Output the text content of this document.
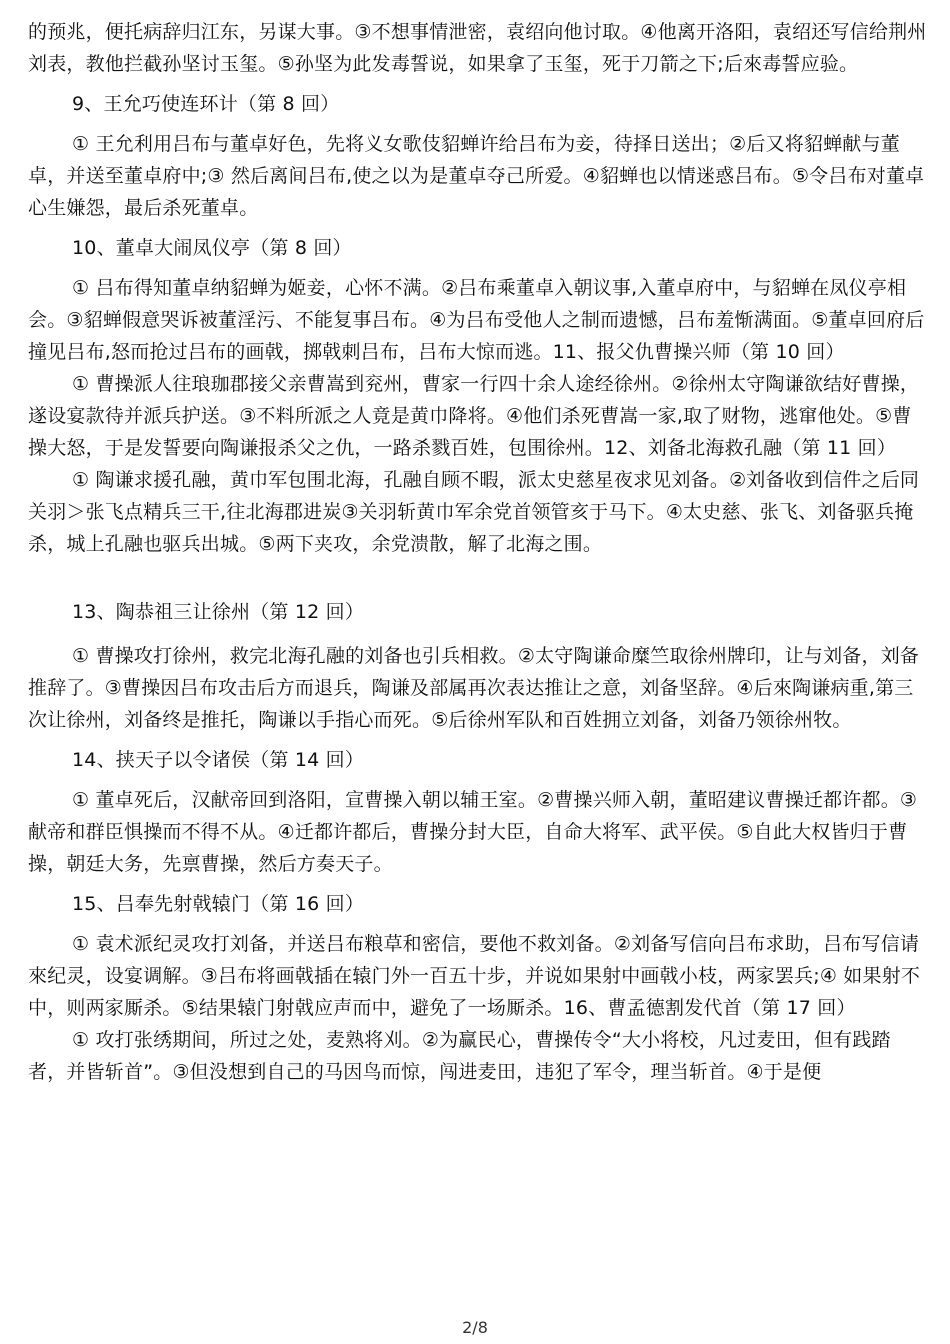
的预兆，便托病辞归江东，另谋大事。③不想事情泄密，袁绍向他讨取。④他离开洛阳，袁绍还写信给荆州刘表，教他拦截孙坚讨玉玺。⑤孙坚为此发毒誓说，如果拿了玉玺，死于刀箭之下;后來毒誓应验。

9、王允巧使连环计（第 8 回）

① 王允利用吕布与董卓好色，先将义女歌伎貂蝉许给吕布为妾，待择日送出；②后又将貂蝉献与董卓，并送至董卓府中;③ 然后离间吕布,使之以为是董卓夺己所爱。④貂蝉也以情迷惑吕布。⑤令吕布对董卓心生嫌怨，最后杀死董卓。

10、董卓大闹凤仪亭（第 8 回）

① 吕布得知董卓纳貂蝉为姬妾，心怀不满。②吕布乘董卓入朝议事,入董卓府中，与貂蝉在凤仪亭相会。③貂蝉假意哭诉被董淫污、不能复事吕布。④为吕布受他人之制而遗憾，吕布羞惭满面。⑤董卓回府后撞见吕布,怒而抢过吕布的画戟，掷戟刺吕布，吕布大惊而逃。11、报父仇曹操兴师（第 10 回）

① 曹操派人往琅珈郡接父亲曹嵩到兖州，曹家一行四十余人途经徐州。②徐州太守陶谦欲结好曹操，遂设宴款待并派兵护送。③不料所派之人竟是黄巾降将。④他们杀死曹嵩一家,取了财物，逃窜他处。⑤曹操大怒，于是发誓要向陶谦报杀父之仇，一路杀戮百姓，包围徐州。12、刘备北海救孔融（第 11 回）

① 陶谦求援孔融，黄巾军包围北海，孔融自顾不暇，派太史慈星夜求见刘备。②刘备收到信件之后同关羽＞张飞点精兵三干,往北海郡进炭③关羽斩黄巾军余党首领管亥于马下。④太史慈、张飞、刘备驱兵掩杀，城上孔融也驱兵出城。⑤两下夹攻，余党溃散，解了北海之围。

13、陶恭祖三让徐州（第 12 回）

① 曹操攻打徐州，救完北海孔融的刘备也引兵相救。②太守陶谦命糜竺取徐州牌印，让与刘备，刘备推辞了。③曹操因吕布攻击后方而退兵，陶谦及部属再次表达推让之意，刘备坚辞。④后來陶谦病重,第三次让徐州，刘备终是推托，陶谦以手指心而死。⑤后徐州军队和百姓拥立刘备，刘备乃领徐州牧。

14、挟天子以令诸侯（第 14 回）

① 董卓死后，汉献帝回到洛阳，宣曹操入朝以辅王室。②曹操兴师入朝，董昭建议曹操迁都许都。③献帝和群臣惧操而不得不从。④迁都许都后，曹操分封大臣，自命大将军、武平侯。⑤自此大权皆归于曹操，朝廷大务，先禀曹操，然后方奏天子。

15、吕奉先射戟辕门（第 16 回）

① 袁术派纪灵攻打刘备，并送吕布粮草和密信，要他不救刘备。②刘备写信向吕布求助，吕布写信请來纪灵，设宴调解。③吕布将画戟插在辕门外一百五十步，并说如果射中画戟小枝，两家罢兵;④ 如果射不中，则两家厮杀。⑤结果辕门射戟应声而中，避免了一场厮杀。16、曹孟德割发代首（第 17 回）

① 攻打张绣期间，所过之处，麦熟将刈。②为赢民心，曹操传令“大小将校，凡过麦田，但有践踏者，并皆斩首”。③但没想到自己的马因鸟而惊，闯进麦田，违犯了军令，理当斩首。④于是便

2/8
